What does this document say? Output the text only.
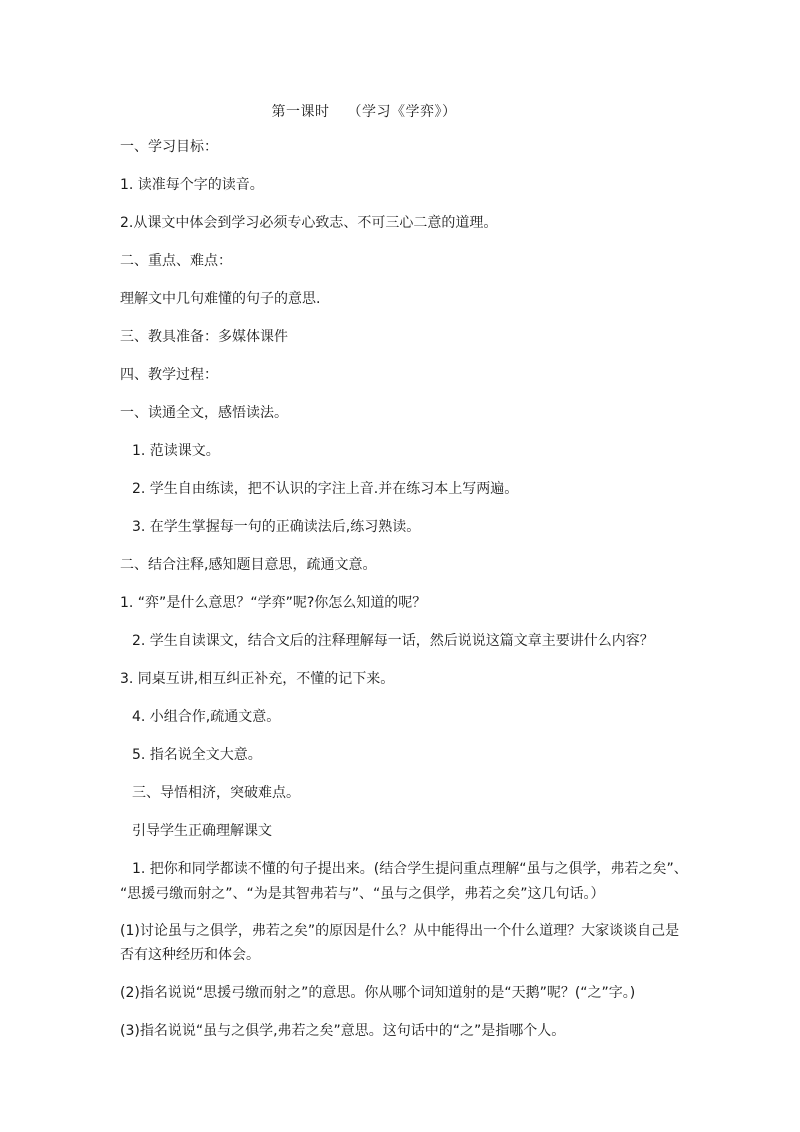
第一课时 （学习《学弈》）
一、学习目标：
1. 读准每个字的读音。
2.从课文中体会到学习必须专心致志、不可三心二意的道理。
二、重点、难点：
理解文中几句难懂的句子的意思.
三、教具准备：多媒体课件
四、教学过程：
一、读通全文，感悟读法。
1. 范读课文。
2. 学生自由练读，把不认识的字注上音.并在练习本上写两遍。
3. 在学生掌握每一句的正确读法后,练习熟读。
二、结合注释,感知题目意思，疏通文意。
1. “弈”是什么意思？“学弈”呢?你怎么知道的呢？
2. 学生自读课文，结合文后的注释理解每一话，然后说说这篇文章主要讲什么内容？
3. 同桌互讲,相互纠正补充，不懂的记下来。
4. 小组合作,疏通文意。
5. 指名说全文大意。
三、导悟相济，突破难点。
引导学生正确理解课文
1. 把你和同学都读不懂的句子提出来。(结合学生提问重点理解“虽与之俱学，弗若之矣”、
“思援弓缴而射之”、“为是其智弗若与”、“虽与之俱学，弗若之矣”这几句话。）
(1)讨论虽与之俱学，弗若之矣”的原因是什么？从中能得出一个什么道理？大家谈谈自己是
否有这种经历和体会。
(2)指名说说“思援弓缴而射之”的意思。你从哪个词知道射的是“天鹅”呢？(“之”字。)
(3)指名说说“虽与之俱学,弗若之矣”意思。这句话中的“之”是指哪个人。
